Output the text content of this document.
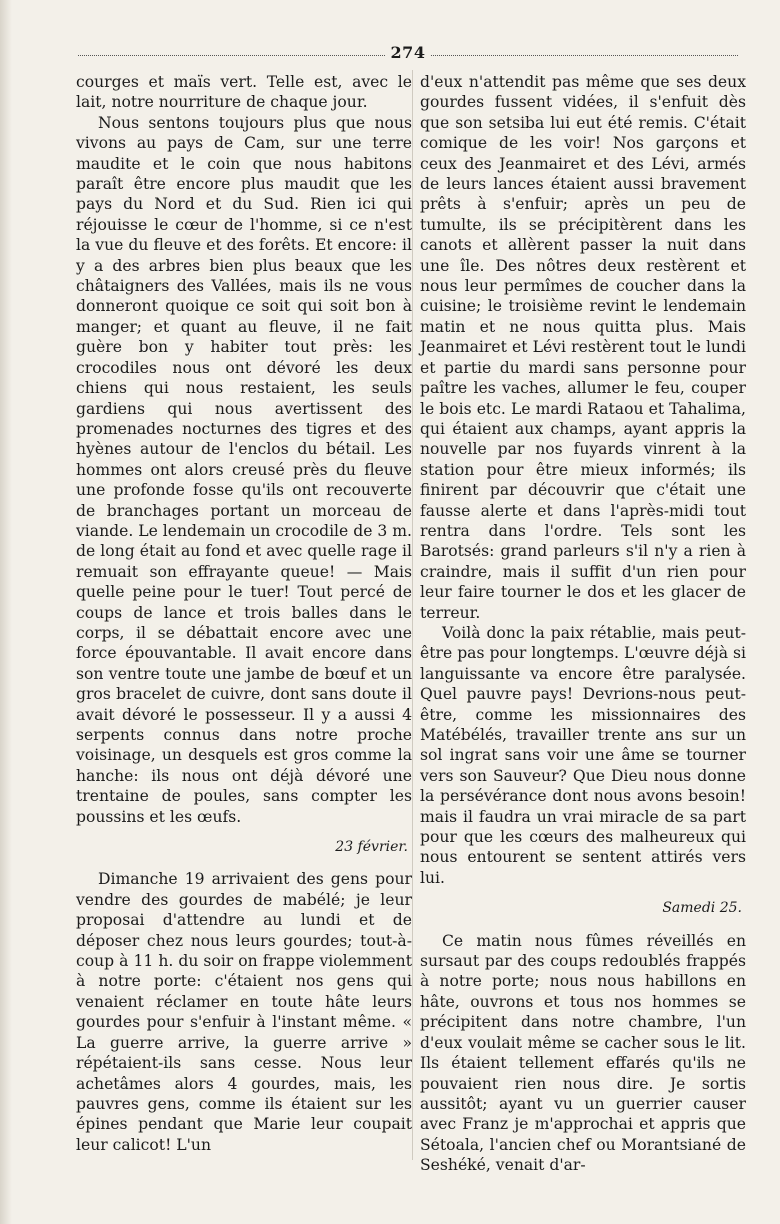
274

courges et maïs vert. Telle est, avec le lait, notre nourriture de chaque jour.

Nous sentons toujours plus que nous vivons au pays de Cam, sur une terre maudite et le coin que nous habitons paraît être encore plus maudit que les pays du Nord et du Sud. Rien ici qui réjouisse le cœur de l'homme, si ce n'est la vue du fleuve et des forêts. Et encore: il y a des arbres bien plus beaux que les châtaigners des Vallées, mais ils ne vous donneront quoique ce soit qui soit bon à manger; et quant au fleuve, il ne fait guère bon y habiter tout près: les crocodiles nous ont dévoré les deux chiens qui nous restaient, les seuls gardiens qui nous avertissent des promenades nocturnes des tigres et des hyènes autour de l'enclos du bétail. Les hommes ont alors creusé près du fleuve une profonde fosse qu'ils ont recouverte de branchages portant un morceau de viande. Le lendemain un crocodile de 3 m. de long était au fond et avec quelle rage il remuait son effrayante queue! — Mais quelle peine pour le tuer! Tout percé de coups de lance et trois balles dans le corps, il se débattait encore avec une force épouvantable. Il avait encore dans son ventre toute une jambe de bœuf et un gros bracelet de cuivre, dont sans doute il avait dévoré le possesseur. Il y a aussi 4 serpents connus dans notre proche voisinage, un desquels est gros comme la hanche: ils nous ont déjà dévoré une trentaine de poules, sans compter les poussins et les œufs.

23 février.

Dimanche 19 arrivaient des gens pour vendre des gourdes de mabélé; je leur proposai d'attendre au lundi et de déposer chez nous leurs gourdes; tout-à-coup à 11 h. du soir on frappe violemment à notre porte: c'étaient nos gens qui venaient réclamer en toute hâte leurs gourdes pour s'enfuir à l'instant même. « La guerre arrive, la guerre arrive » répétaient-ils sans cesse. Nous leur achetâmes alors 4 gourdes, mais, les pauvres gens, comme ils étaient sur les épines pendant que Marie leur coupait leur calicot! L'un

d'eux n'attendit pas même que ses deux gourdes fussent vidées, il s'enfuit dès que son setsiba lui eut été remis. C'était comique de les voir! Nos garçons et ceux des Jeanmairet et des Lévi, armés de leurs lances étaient aussi bravement prêts à s'enfuir; après un peu de tumulte, ils se précipitèrent dans les canots et allèrent passer la nuit dans une île. Des nôtres deux restèrent et nous leur permîmes de coucher dans la cuisine; le troisième revint le lendemain matin et ne nous quitta plus. Mais Jeanmairet et Lévi restèrent tout le lundi et partie du mardi sans personne pour paître les vaches, allumer le feu, couper le bois etc. Le mardi Rataou et Tahalima, qui étaient aux champs, ayant appris la nouvelle par nos fuyards vinrent à la station pour être mieux informés; ils finirent par découvrir que c'était une fausse alerte et dans l'après-midi tout rentra dans l'ordre. Tels sont les Barotsés: grand parleurs s'il n'y a rien à craindre, mais il suffit d'un rien pour leur faire tourner le dos et les glacer de terreur.

Voilà donc la paix rétablie, mais peut-être pas pour longtemps. L'œuvre déjà si languissante va encore être paralysée. Quel pauvre pays! Devrions-nous peut-être, comme les missionnaires des Matébélés, travailler trente ans sur un sol ingrat sans voir une âme se tourner vers son Sauveur? Que Dieu nous donne la persévérance dont nous avons besoin! mais il faudra un vrai miracle de sa part pour que les cœurs des malheureux qui nous entourent se sentent attirés vers lui.

Samedi 25.

Ce matin nous fûmes réveillés en sursaut par des coups redoublés frappés à notre porte; nous nous habillons en hâte, ouvrons et tous nos hommes se précipitent dans notre chambre, l'un d'eux voulait même se cacher sous le lit. Ils étaient tellement effarés qu'ils ne pouvaient rien nous dire. Je sortis aussitôt; ayant vu un guerrier causer avec Franz je m'approchai et appris que Sétoala, l'ancien chef ou Morantsiané de Seshéké, venait d'ar-
